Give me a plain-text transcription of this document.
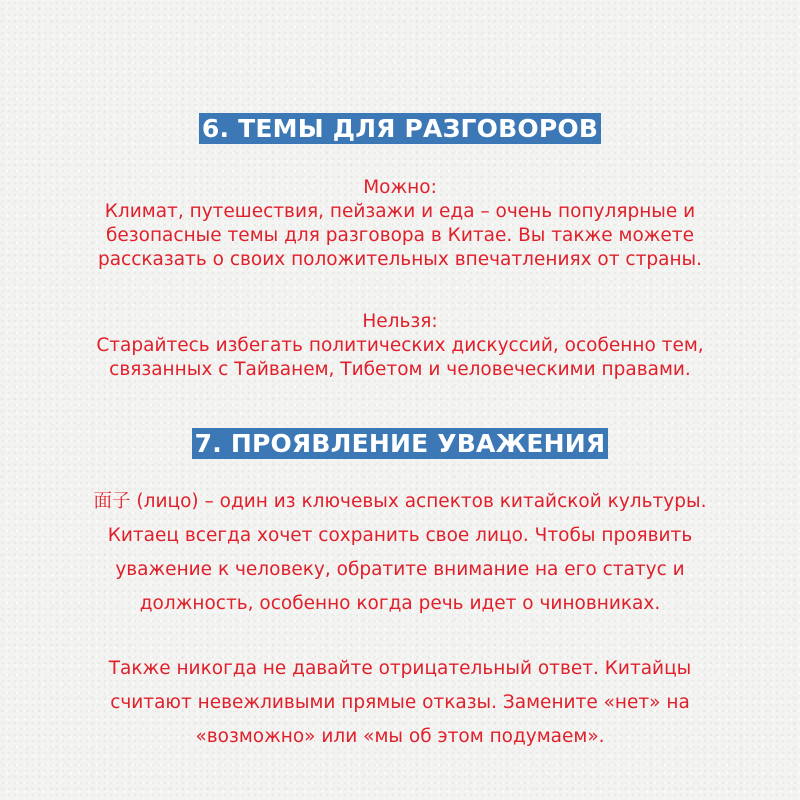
6. ТЕМЫ ДЛЯ РАЗГОВОРОВ
Можно:
Климат, путешествия, пейзажи и еда – очень популярные и
безопасные темы для разговора в Китае. Вы также можете
рассказать о своих положительных впечатлениях от страны.
Нельзя:
Старайтесь избегать политических дискуссий, особенно тем,
связанных с Тайванем, Тибетом и человеческими правами.
7. ПРОЯВЛЕНИЕ УВАЖЕНИЯ
面子 (лицо) – один из ключевых аспектов китайской культуры.
Китаец всегда хочет сохранить свое лицо. Чтобы проявить
уважение к человеку, обратите внимание на его статус и
должность, особенно когда речь идет о чиновниках.
Также никогда не давайте отрицательный ответ. Китайцы
считают невежливыми прямые отказы. Замените «нет» на
«возможно» или «мы об этом подумаем».
